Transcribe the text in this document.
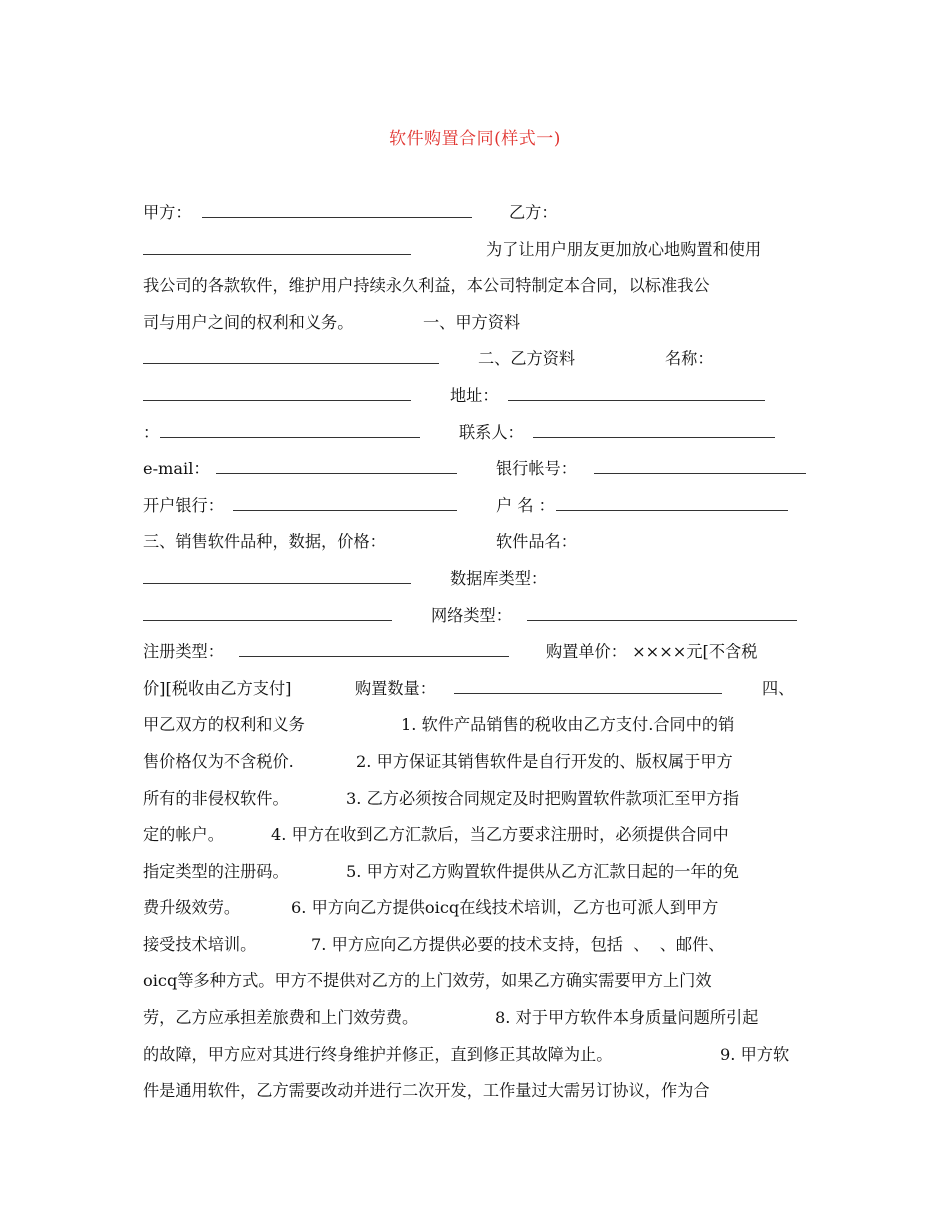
软件购置合同(样式一)

甲方：

	乙方：

为了让用户朋友更加放心地购置和使用

我公司的各款软件，维护用户持续永久利益，本公司特制定本合同，以标准我公

司与用户之间的权利和义务。

	一、甲方资料

二、乙方资料

	名称：

地址：

：

	联系人：

e-mail：

	银行帐号：

开户银行：

	户 名 ：

三、销售软件品种，数据，价格：

	软件品名：

数据库类型：

网络类型：

注册类型：

	购置单价： ××××元[不含税

价][税收由乙方支付]

	购置数量：

	四、

甲乙双方的权利和义务

	1. 软件产品销售的税收由乙方支付.合同中的销

售价格仅为不含税价.

	2. 甲方保证其销售软件是自行开发的、版权属于甲方

所有的非侵权软件。

	3. 乙方必须按合同规定及时把购置软件款项汇至甲方指

定的帐户。

	4. 甲方在收到乙方汇款后，当乙方要求注册时，必须提供合同中

指定类型的注册码。

	5. 甲方对乙方购置软件提供从乙方汇款日起的一年的免

费升级效劳。

	6. 甲方向乙方提供oicq在线技术培训，乙方也可派人到甲方

接受技术培训。

	7. 甲方应向乙方提供必要的技术支持，包括  、  、邮件、

oicq等多种方式。甲方不提供对乙方的上门效劳，如果乙方确实需要甲方上门效

劳，乙方应承担差旅费和上门效劳费。

	8. 对于甲方软件本身质量问题所引起

的故障，甲方应对其进行终身维护并修正，直到修正其故障为止。

	9. 甲方软

件是通用软件，乙方需要改动并进行二次开发，工作量过大需另订协议，作为合
